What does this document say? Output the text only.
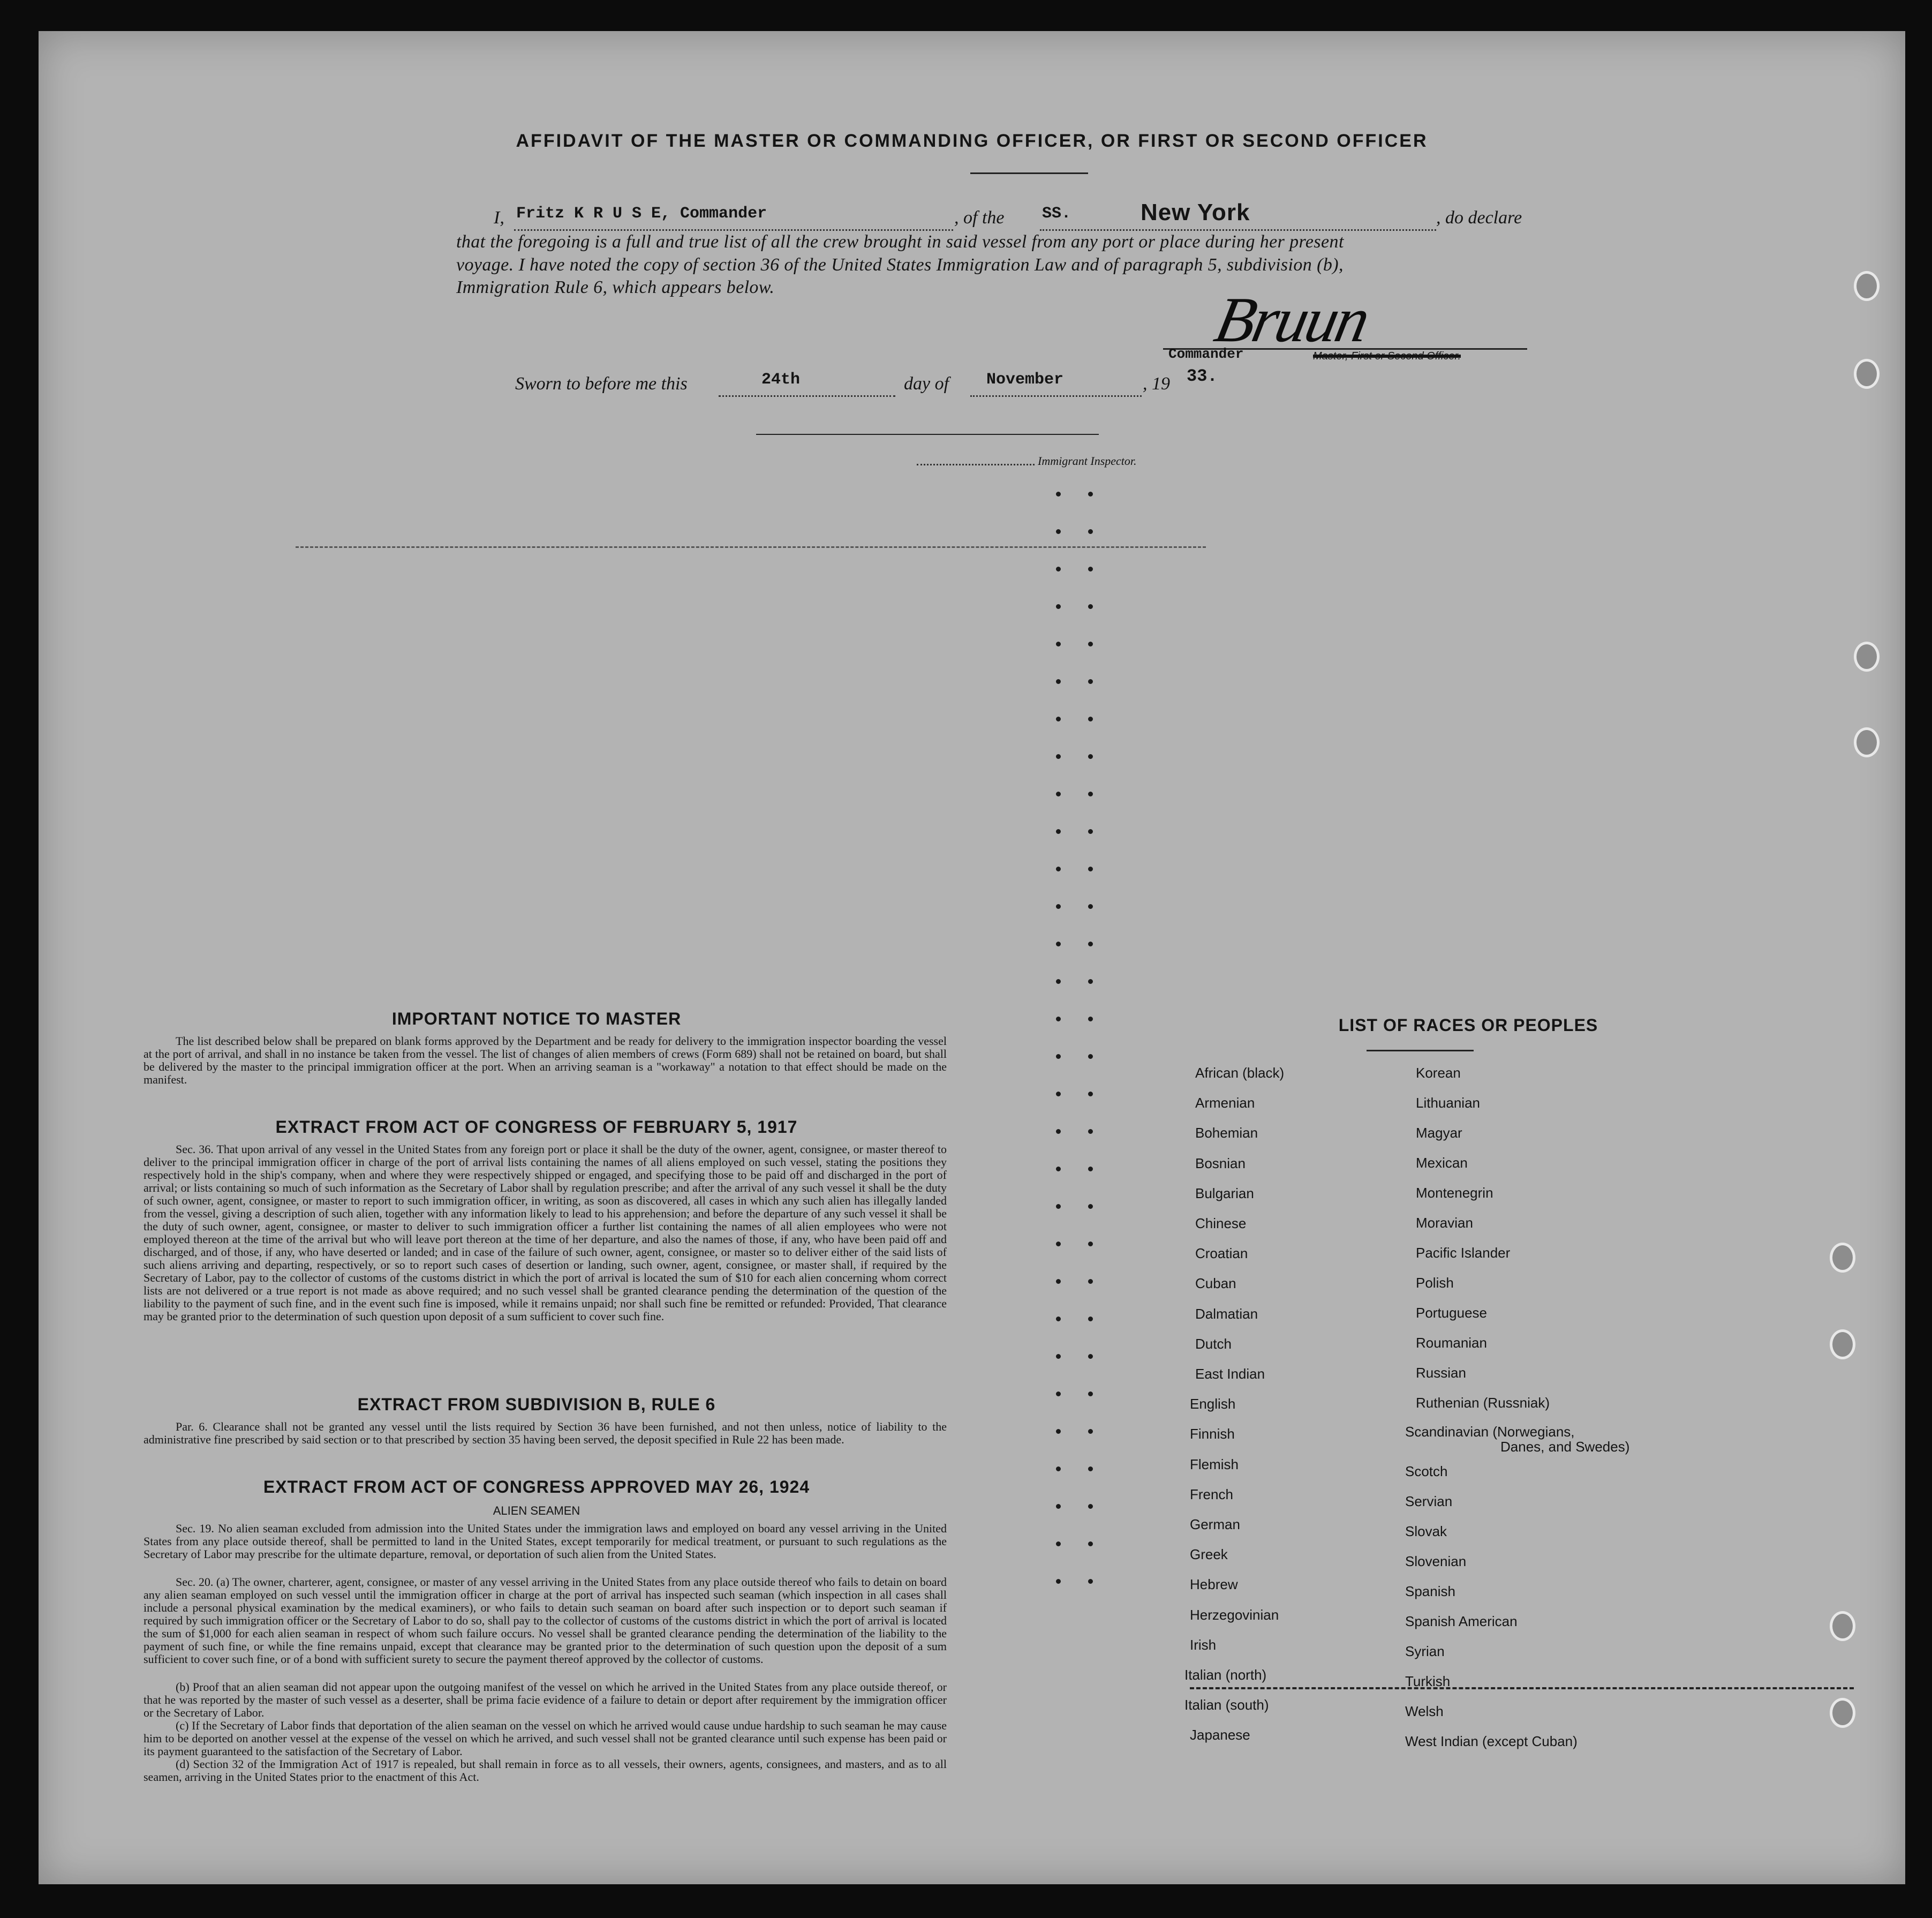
AFFIDAVIT OF THE MASTER OR COMMANDING OFFICER, OR FIRST OR SECOND OFFICER
I, Fritz K R U S E, Commander	, of the SS.	New York	, do declare
that the foregoing is a full and true list of all the crew brought in said vessel from any port or place during her present
voyage. I have noted the copy of section 36 of the United States Immigration Law and of paragraph 5, subdivision (b),
Immigration Rule 6, which appears below.	Bruun
Commander	Master, First or Second Officer.
Sworn to before me this	24th	day of November	, 19 33.
Immigrant Inspector.
IMPORTANT NOTICE TO MASTER
The list described below shall be prepared on blank forms approved by the Department and be ready for delivery to the immigration inspector boarding the vessel at the port of arrival, and shall in no instance be taken from the vessel. The list of changes of alien members of crews (Form 689) shall not be retained on board, but shall be delivered by the master to the principal immigration officer at the port. When an arriving seaman is a "workaway" a notation to that effect should be made on the manifest.
EXTRACT FROM ACT OF CONGRESS OF FEBRUARY 5, 1917
Sec. 36. That upon arrival of any vessel in the United States from any foreign port or place it shall be the duty of the owner, agent, consignee, or master thereof to deliver to the principal immigration officer in charge of the port of arrival lists containing the names of all aliens employed on such vessel, stating the positions they respectively hold in the ship's company, when and where they were respectively shipped or engaged, and specifying those to be paid off and discharged in the port of arrival; or lists containing so much of such information as the Secretary of Labor shall by regulation prescribe; and after the arrival of any such vessel it shall be the duty of such owner, agent, consignee, or master to report to such immigration officer, in writing, as soon as discovered, all cases in which any such alien has illegally landed from the vessel, giving a description of such alien, together with any information likely to lead to his apprehension; and before the departure of any such vessel it shall be the duty of such owner, agent, consignee, or master to deliver to such immigration officer a further list containing the names of all alien employees who were not employed thereon at the time of the arrival but who will leave port thereon at the time of her departure, and also the names of those, if any, who have been paid off and discharged, and of those, if any, who have deserted or landed; and in case of the failure of such owner, agent, consignee, or master so to deliver either of the said lists of such aliens arriving and departing, respectively, or so to report such cases of desertion or landing, such owner, agent, consignee, or master shall, if required by the Secretary of Labor, pay to the collector of customs of the customs district in which the port of arrival is located the sum of $10 for each alien concerning whom correct lists are not delivered or a true report is not made as above required; and no such vessel shall be granted clearance pending the determination of the question of the liability to the payment of such fine, and in the event such fine is imposed, while it remains unpaid; nor shall such fine be remitted or refunded: Provided, That clearance may be granted prior to the determination of such question upon deposit of a sum sufficient to cover such fine.
EXTRACT FROM SUBDIVISION B, RULE 6
Par. 6. Clearance shall not be granted any vessel until the lists required by Section 36 have been furnished, and not then unless, notice of liability to the administrative fine prescribed by said section or to that prescribed by section 35 having been served, the deposit specified in Rule 22 has been made.
EXTRACT FROM ACT OF CONGRESS APPROVED MAY 26, 1924
ALIEN SEAMEN
Sec. 19. No alien seaman excluded from admission into the United States under the immigration laws and employed on board any vessel arriving in the United States from any place outside thereof, shall be permitted to land in the United States, except temporarily for medical treatment, or pursuant to such regulations as the Secretary of Labor may prescribe for the ultimate departure, removal, or deportation of such alien from the United States.
Sec. 20. (a) The owner, charterer, agent, consignee, or master of any vessel arriving in the United States from any place outside thereof who fails to detain on board any alien seaman employed on such vessel until the immigration officer in charge at the port of arrival has inspected such seaman (which inspection in all cases shall include a personal physical examination by the medical examiners), or who fails to detain such seaman on board after such inspection or to deport such seaman if required by such immigration officer or the Secretary of Labor to do so, shall pay to the collector of customs of the customs district in which the port of arrival is located the sum of $1,000 for each alien seaman in respect of whom such failure occurs. No vessel shall be granted clearance pending the determination of the liability to the payment of such fine, or while the fine remains unpaid, except that clearance may be granted prior to the determination of such question upon the deposit of a sum sufficient to cover such fine, or of a bond with sufficient surety to secure the payment thereof approved by the collector of customs.
(b) Proof that an alien seaman did not appear upon the outgoing manifest of the vessel on which he arrived in the United States from any place outside thereof, or that he was reported by the master of such vessel as a deserter, shall be prima facie evidence of a failure to detain or deport after requirement by the immigration officer or the Secretary of Labor.
(c) If the Secretary of Labor finds that deportation of the alien seaman on the vessel on which he arrived would cause undue hardship to such seaman he may cause him to be deported on another vessel at the expense of the vessel on which he arrived, and such vessel shall not be granted clearance until such expense has been paid or its payment guaranteed to the satisfaction of the Secretary of Labor.
(d) Section 32 of the Immigration Act of 1917 is repealed, but shall remain in force as to all vessels, their owners, agents, consignees, and masters, and as to all seamen, arriving in the United States prior to the enactment of this Act.
LIST OF RACES OR PEOPLES
African (black)
Armenian
Bohemian
Bosnian
Bulgarian
Chinese
Croatian
Cuban
Dalmatian
Dutch
East Indian
English
Finnish
Flemish
French
German
Greek
Hebrew
Herzegovinian
Irish
Italian (north)
Italian (south)
Japanese
Korean
Lithuanian
Magyar
Mexican
Montenegrin
Moravian
Pacific Islander
Polish
Portuguese
Roumanian
Russian
Ruthenian (Russniak)
Scandinavian (Norwegians,
Danes, and Swedes)
Scotch
Servian
Slovak
Slovenian
Spanish
Spanish American
Syrian
Turkish
Welsh
West Indian (except Cuban)
